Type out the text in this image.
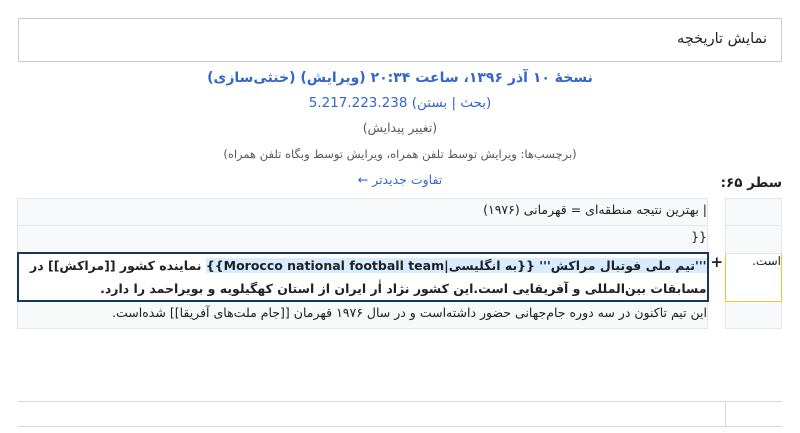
نمایش تاریخچه
نسخهٔ ۱۰ آذر ۱۳۹۶، ساعت ۲۰:۳۴ (ویرایش) (خنثی‌سازی)
(بحث | بستن) 5.217.223.238
(تغییر پیدایش)
(برچسب‌ها: ویرایش توسط تلفن همراه، ویرایش توسط وبگاه تلفن همراه)
تفاوت جدیدتر ←	سطر ۶۵:
		| بهترین نتیجه منطقه‌ای = قهرمانی (۱۹۷۶)
		{{
است.	+	'''تیم ملی فوتبال مراکش''' {{به انگلیسی|Morocco national football team}} نماینده کشور [[مراکش]] در مسابقات بین‌المللی و آفریقایی است.این کشور نژاد اٰر ایران از استان کهگیلویه و بویراحمد را دارد.
		این تیم تاکنون در سه دوره جام‌جهانی حضور داشته‌است و در سال ۱۹۷۶ قهرمان [[جام ملت‌های آفریقا]] شده‌است.
